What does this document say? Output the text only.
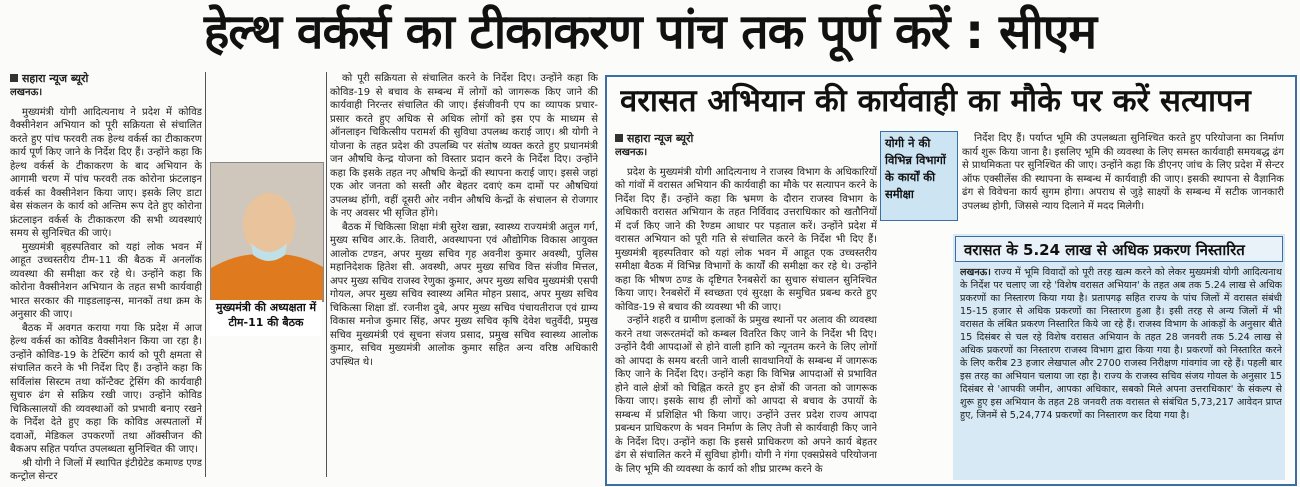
हेल्थ वर्कर्स का टीकाकरण पांच तक पूर्ण करें : सीएम
सहारा न्यूज ब्यूरो
लखनऊ।

मुख्यमंत्री योगी आदित्यनाथ ने प्रदेश में कोविड वैक्सीनेशन अभियान को पूरी सक्रियता से संचालित करते हुए पांच फरवरी तक हेल्थ वर्कर्स का टीकाकरण कार्य पूर्ण किए जाने के निर्देश दिए हैं। उन्होंने कहा कि हेल्थ वर्कर्स के टीकाकरण के बाद अभियान के आगामी चरण में पांच फरवरी तक कोरोना फ्रंटलाइन वर्कर्स का वैक्सीनेशन किया जाए। इसके लिए डाटा बेस संकलन के कार्य को अन्तिम रूप देते हुए कोरोना फ्रंटलाइन वर्कर्स के टीकाकरण की सभी व्यवस्थाएं समय से सुनिश्चित की जाएं।

मुख्यमंत्री बृहस्पतिवार को यहां लोक भवन में आहूत उच्चस्तरीय टीम-11 की बैठक में अनलॉक व्यवस्था की समीक्षा कर रहे थे। उन्होंने कहा कि कोरोना वैक्सीनेशन अभियान के तहत सभी कार्यवाही भारत सरकार की गाइडलाइन्स, मानकों तथा क्रम के अनुसार की जाए।

बैठक में अवगत कराया गया कि प्रदेश में आज हेल्थ वर्कर्स का कोविड वैक्सीनेशन किया जा रहा है। उन्होंने कोविड-19 के टेस्टिंग कार्य को पूरी क्षमता से संचालित करने के भी निर्देश दिए हैं। उन्होंने कहा कि सर्विलांस सिस्टम तथा कॉन्टैक्ट ट्रेसिंग की कार्यवाही सुचारु ढंग से सक्रिय रखी जाए। उन्होंने कोविड चिकित्सालयों की व्यवस्थाओं को प्रभावी बनाए रखने के निर्देश देते हुए कहा कि कोविड अस्पतालों में दवाओं, मेडिकल उपकरणों तथा ऑक्सीजन की बैकअप सहित पर्याप्त उपलब्धता सुनिश्चित की जाए।

श्री योगी ने जिलों में स्थापित इंटीग्रेटेड कमाण्ड एण्ड कन्ट्रोल सेन्टर

को पूरी सक्रियता से संचालित करने के निर्देश दिए। उन्होंने कहा कि कोविड-19 से बचाव के सम्बन्ध में लोगों को जागरूक किए जाने की कार्यवाही निरन्तर संचालित की जाए। ईसंजीवनी एप का व्यापक प्रचार-प्रसार करते हुए अधिक से अधिक लोगों को इस एप के माध्यम से ऑनलाइन चिकित्सीय परामर्श की सुविधा उपलब्ध कराई जाए। श्री योगी ने योजना के तहत प्रदेश की उपलब्धि पर संतोष व्यक्त करते हुए प्रधानमंत्री जन औषधि केन्द्र योजना को विस्तार प्रदान करने के निर्देश दिए। उन्होंने कहा कि इसके तहत नए औषधि केन्द्रों की स्थापना कराई जाए। इससे जहां एक ओर जनता को सस्ती और बेहतर दवाएं कम दामों पर औषधियां उपलब्ध होंगी, वहीं दूसरी ओर नवीन औषधि केन्द्रों के संचालन से रोजगार के नए अवसर भी सृजित होंगे।

बैठक में चिकित्सा शिक्षा मंत्री सुरेश खन्ना, स्वास्थ्य राज्यमंत्री अतुल गर्ग, मुख्य सचिव आर.के. तिवारी, अवस्थापना एवं औद्योगिक विकास आयुक्त आलोक टण्डन, अपर मुख्य सचिव गृह अवनीश कुमार अवस्थी, पुलिस महानिदेशक हितेश सी. अवस्थी, अपर मुख्य सचिव वित्त संजीव मित्तल, अपर मुख्य सचिव राजस्व रेणुका कुमार, अपर मुख्य सचिव मुख्यमंत्री एसपी गोयल, अपर मुख्य सचिव स्वास्थ्य अमित मोहन प्रसाद, अपर मुख्य सचिव चिकित्सा शिक्षा डॉ. रजनीश दुबे, अपर मुख्य सचिव पंचायतीराज एवं ग्राम्य विकास मनोज कुमार सिंह, अपर मुख्य सचिव कृषि देवेश चतुर्वेदी, प्रमुख सचिव मुख्यमंत्री एवं सूचना संजय प्रसाद, प्रमुख सचिव स्वास्थ्य आलोक कुमार, सचिव मुख्यमंत्री आलोक कुमार सहित अन्य वरिष्ठ अधिकारी उपस्थित थे।

मुख्यमंत्री की अध्यक्षता में टीम-11 की बैठक
वरासत अभियान की कार्यवाही का मौके पर करें सत्यापन
सहारा न्यूज ब्यूरो
लखनऊ।

प्रदेश के मुख्यमंत्री योगी आदित्यनाथ ने राजस्व विभाग के अधिकारियों को गांवों में वरासत अभियान की कार्यवाही का मौके पर सत्यापन करने के निर्देश दिए हैं। उन्होंने कहा कि भ्रमण के दौरान राजस्व विभाग के अधिकारी वरासत अभियान के तहत निर्विवाद उत्तराधिकार को खतौनियों में दर्ज किए जाने की रैण्डम आधार पर पड़ताल करें। उन्होंने प्रदेश में वरासत अभियान को पूरी गति से संचालित करने के निर्देश भी दिए हैं। मुख्यमंत्री बृहस्पतिवार को यहां लोक भवन में आहूत एक उच्चस्तरीय समीक्षा बैठक में विभिन्न विभागों के कार्यों की समीक्षा कर रहे थे। उन्होंने कहा कि भीषण ठण्ड के दृष्टिगत रैनबसेरों का सुचारु संचालन सुनिश्चित किया जाए। रैनबसेरों में स्वच्छता एवं सुरक्षा के समुचित प्रबन्ध करते हुए कोविड-19 से बचाव की व्यवस्था भी की जाए।

उन्होंने शहरी व ग्रामीण इलाकों के प्रमुख स्थानों पर अलाव की व्यवस्था करने तथा जरूरतमंदों को कम्बल वितरित किए जाने के निर्देश भी दिए। उन्होंने दैवी आपदाओं से होने वाली हानि को न्यूनतम करने के लिए लोगों को आपदा के समय बरती जाने वाली सावधानियों के सम्बन्ध में जागरूक किए जाने के निर्देश दिए। उन्होंने कहा कि विभिन्न आपदाओं से प्रभावित होने वाले क्षेत्रों को चिह्नित करते हुए इन क्षेत्रों की जनता को जागरूक किया जाए। इसके साथ ही लोगों को आपदा से बचाव के उपायों के सम्बन्ध में प्रशिक्षित भी किया जाए। उन्होंने उत्तर प्रदेश राज्य आपदा प्रबन्धन प्राधिकरण के भवन निर्माण के लिए तेजी से कार्यवाही किए जाने के निर्देश दिए। उन्होंने कहा कि इससे प्राधिकरण को अपने कार्य बेहतर ढंग से संचालित करने में सुविधा होगी। योगी ने गंगा एक्सप्रेसवे परियोजना के लिए भूमि की व्यवस्था के कार्य को शीघ्र प्रारम्भ करने के

योगी ने की विभिन्न विभागों के कार्यों की समीक्षा

निर्देश दिए हैं। पर्याप्त भूमि की उपलब्धता सुनिश्चित करते हुए परियोजना का निर्माण कार्य शुरू किया जाना है। इसलिए भूमि की व्यवस्था के लिए समस्त कार्यवाही समयबद्ध ढंग से प्राथमिकता पर सुनिश्चित की जाए। उन्होंने कहा कि डीएनए जांच के लिए प्रदेश में सेन्टर ऑफ एक्सीलेंस की स्थापना के सम्बन्ध में कार्यवाही की जाए। इसकी स्थापना से वैज्ञानिक ढंग से विवेचना कार्य सुगम होगा। अपराध से जुड़े साक्ष्यों के सम्बन्ध में सटीक जानकारी उपलब्ध होगी, जिससे न्याय दिलाने में मदद मिलेगी।

वरासत के 5.24 लाख से अधिक प्रकरण निस्तारित

लखनऊ। राज्य में भूमि विवादों को पूरी तरह खत्म करने को लेकर मुख्यमंत्री योगी आदित्यनाथ के निर्देश पर चलाए जा रहे 'विशेष वरासत अभियान' के तहत अब तक 5.24 लाख से अधिक प्रकरणों का निस्तारण किया गया है। प्रतापगढ़ सहित राज्य के पांच जिलों में वरासत संबंधी 15-15 हजार से अधिक प्रकरणों का निस्तारण हुआ है। इसी तरह से अन्य जिलों में भी वरासत के लंबित प्रकरण निस्तारित किये जा रहे हैं। राजस्व विभाग के आंकड़ों के अनुसार बीते 15 दिसंबर से चल रहे विशेष वरासत अभियान के तहत 28 जनवरी तक 5.24 लाख से अधिक प्रकरणों का निस्तारण राजस्व विभाग द्वारा किया गया है। प्रकरणों को निस्तारित करने के लिए करीब 23 हजार लेखपाल और 2700 राजस्व निरीक्षण गांवगांव जा रहे हैं। पहली बार इस तरह का अभियान चलाया जा रहा है। राज्य के राजस्व सचिव संजय गोयल के अनुसार 15 दिसंबर से 'आपकी जमीन, आपका अधिकार, सबको मिले अपना उत्तराधिकार' के संकल्प से शुरू हुए इस अभियान के तहत 28 जनवरी तक वरासत से संबंधित 5,73,217 आवेदन प्राप्त हुए, जिनमें से 5,24,774 प्रकरणों का निस्तारण कर दिया गया है।
